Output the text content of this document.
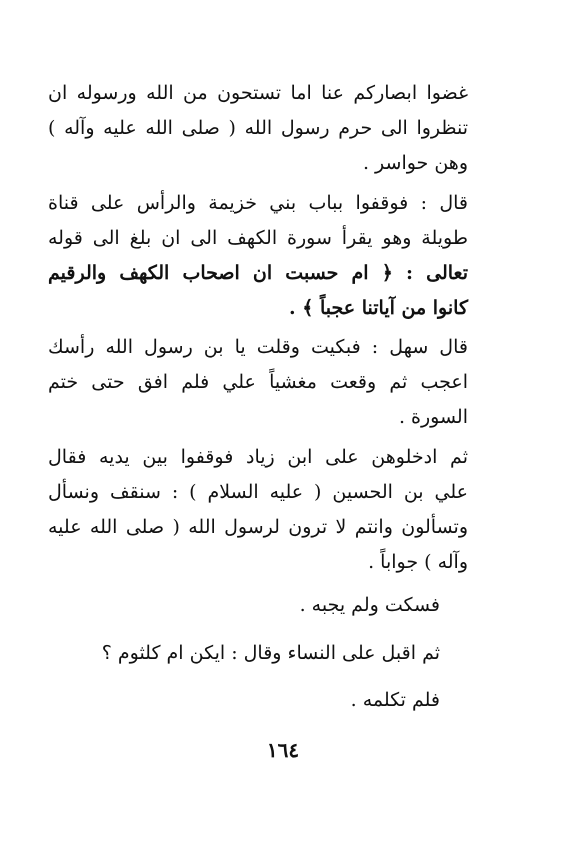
غضوا ابصاركم عنا اما تستحون من الله ورسوله ان
تنظروا الى حرم رسول الله ( صلى الله عليه وآله )
وهن حواسر .
قال : فوقفوا بباب بني خزيمة والرأس على قناة
طويلة وهو يقرأ سورة الكهف الى ان بلغ الى قوله
تعالى : ﴿ ام حسبت ان اصحاب الكهف والرقيم
كانوا من آياتنا عجباً ﴾ .
قال سهل : فبكيت وقلت يا بن رسول الله رأسك
اعجب ثم وقعت مغشياً علي فلم افق حتى ختم
السورة .
ثم ادخلوهن على ابن زياد فوقفوا بين يديه فقال
علي بن الحسين ( عليه السلام ) : سنقف ونسأل
وتسألون وانتم لا ترون لرسول الله ( صلى الله عليه
وآله ) جواباً .
فسكت ولم يجبه .
ثم اقبل على النساء وقال : ايكن ام كلثوم ؟
فلم تكلمه .
١٦٤
